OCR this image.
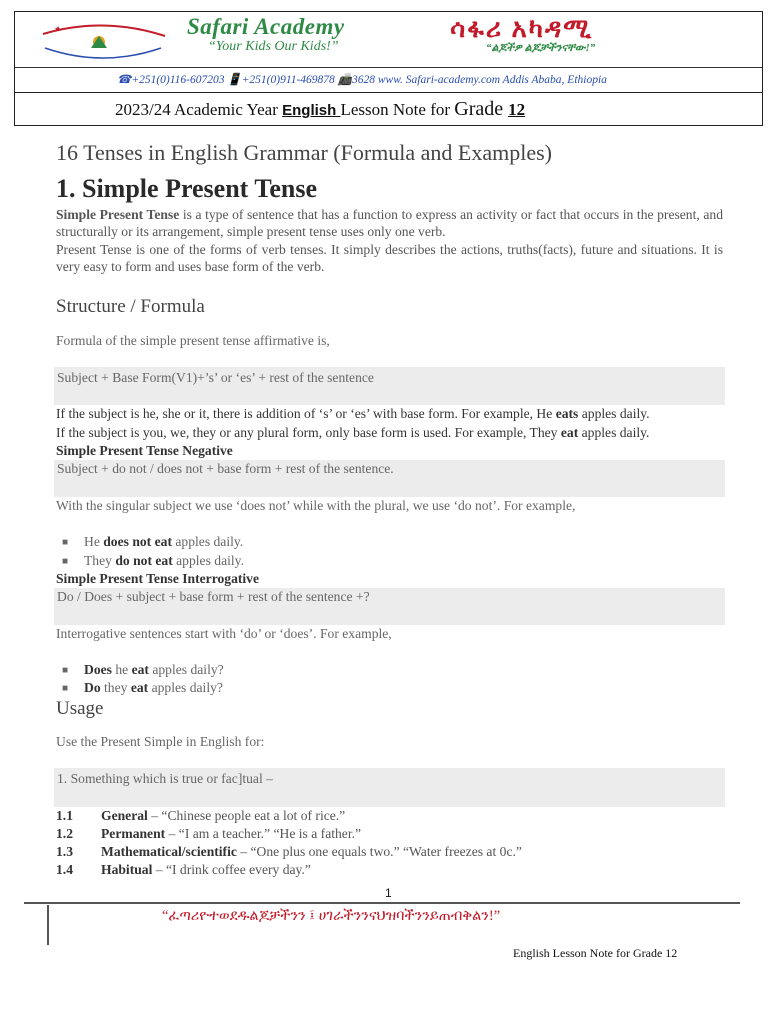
✦	Safari Academy
“Your Kids Our Kids!”
ሳፋሪ አካዳሚ
“ልጆችዎ ልጆቻችንናቸው!”
☎+251(0)116-607203 📱+251(0)911-469878 📠3628 www. Safari-academy.com Addis Ababa, Ethiopia
2023/24 Academic Year English Lesson Note for Grade 12
16 Tenses in English Grammar (Formula and Examples)
1. Simple Present Tense
Simple Present Tense is a type of sentence that has a function to express an activity or fact that occurs in the present, and structurally or its arrangement, simple present tense uses only one verb.
Present Tense is one of the forms of verb tenses. It simply describes the actions, truths(facts), future and situations. It is very easy to form and uses base form of the verb.
Structure / Formula
Formula of the simple present tense affirmative is,
Subject + Base Form(V1)+’s’ or ‘es’ + rest of the sentence
If the subject is he, she or it, there is addition of ‘s’ or ‘es’ with base form. For example, He eats apples daily.
If the subject is you, we, they or any plural form, only base form is used. For example, They eat apples daily.
Simple Present Tense Negative
Subject + do not / does not + base form + rest of the sentence.
With the singular subject we use ‘does not’ while with the plural, we use ‘do not’. For example,
■ He does not eat apples daily.
■ They do not eat apples daily.
Simple Present Tense Interrogative
Do / Does + subject + base form + rest of the sentence +?
Interrogative sentences start with ‘do’ or ‘does’. For example,
■ Does he eat apples daily?
■ Do they eat apples daily?
Usage
Use the Present Simple in English for:
1. Something which is true or fac]tual –
1.1 General – “Chinese people eat a lot of rice.”
1.2 Permanent – “I am a teacher.” “He is a father.”
1.3 Mathematical/scientific – “One plus one equals two.” “Water freezes at 0c.”
1.4 Habitual – “I drink coffee every day.”
1
“ፈጣሪዮተወደዱልጆቻችንን ፤ ሀገራችንንናህዝባችንንይጠብቅልን!”
English Lesson Note for Grade 12
